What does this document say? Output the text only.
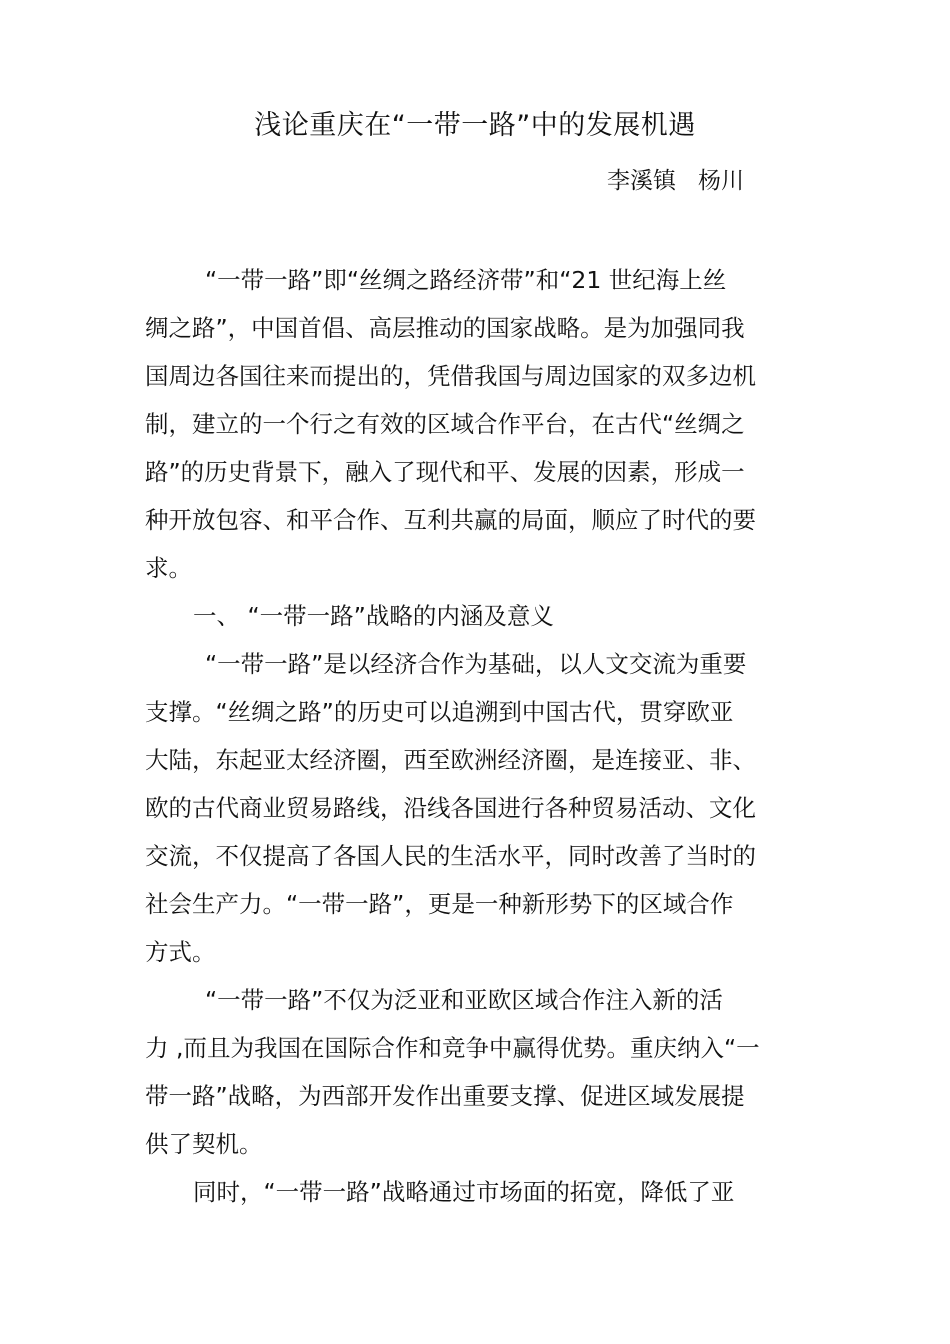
浅论重庆在“一带一路”中的发展机遇
李溪镇 杨川
“一带一路”即“丝绸之路经济带”和“21 世纪海上丝
绸之路”，中国首倡、高层推动的国家战略。是为加强同我
国周边各国往来而提出的，凭借我国与周边国家的双多边机
制，建立的一个行之有效的区域合作平台，在古代“丝绸之
路”的历史背景下，融入了现代和平、发展的因素，形成一
种开放包容、和平合作、互利共赢的局面，顺应了时代的要
求。
一、 “一带一路”战略的内涵及意义
“一带一路”是以经济合作为基础，以人文交流为重要
支撑。“丝绸之路”的历史可以追溯到中国古代，贯穿欧亚
大陆，东起亚太经济圈，西至欧洲经济圈，是连接亚、非、
欧的古代商业贸易路线，沿线各国进行各种贸易活动、文化
交流，不仅提高了各国人民的生活水平，同时改善了当时的
社会生产力。“一带一路”，更是一种新形势下的区域合作
方式。
“一带一路”不仅为泛亚和亚欧区域合作注入新的活
力 ,而且为我国在国际合作和竞争中赢得优势。重庆纳入“一
带一路”战略，为西部开发作出重要支撑、促进区域发展提
供了契机。
同时，“一带一路”战略通过市场面的拓宽，降低了亚
